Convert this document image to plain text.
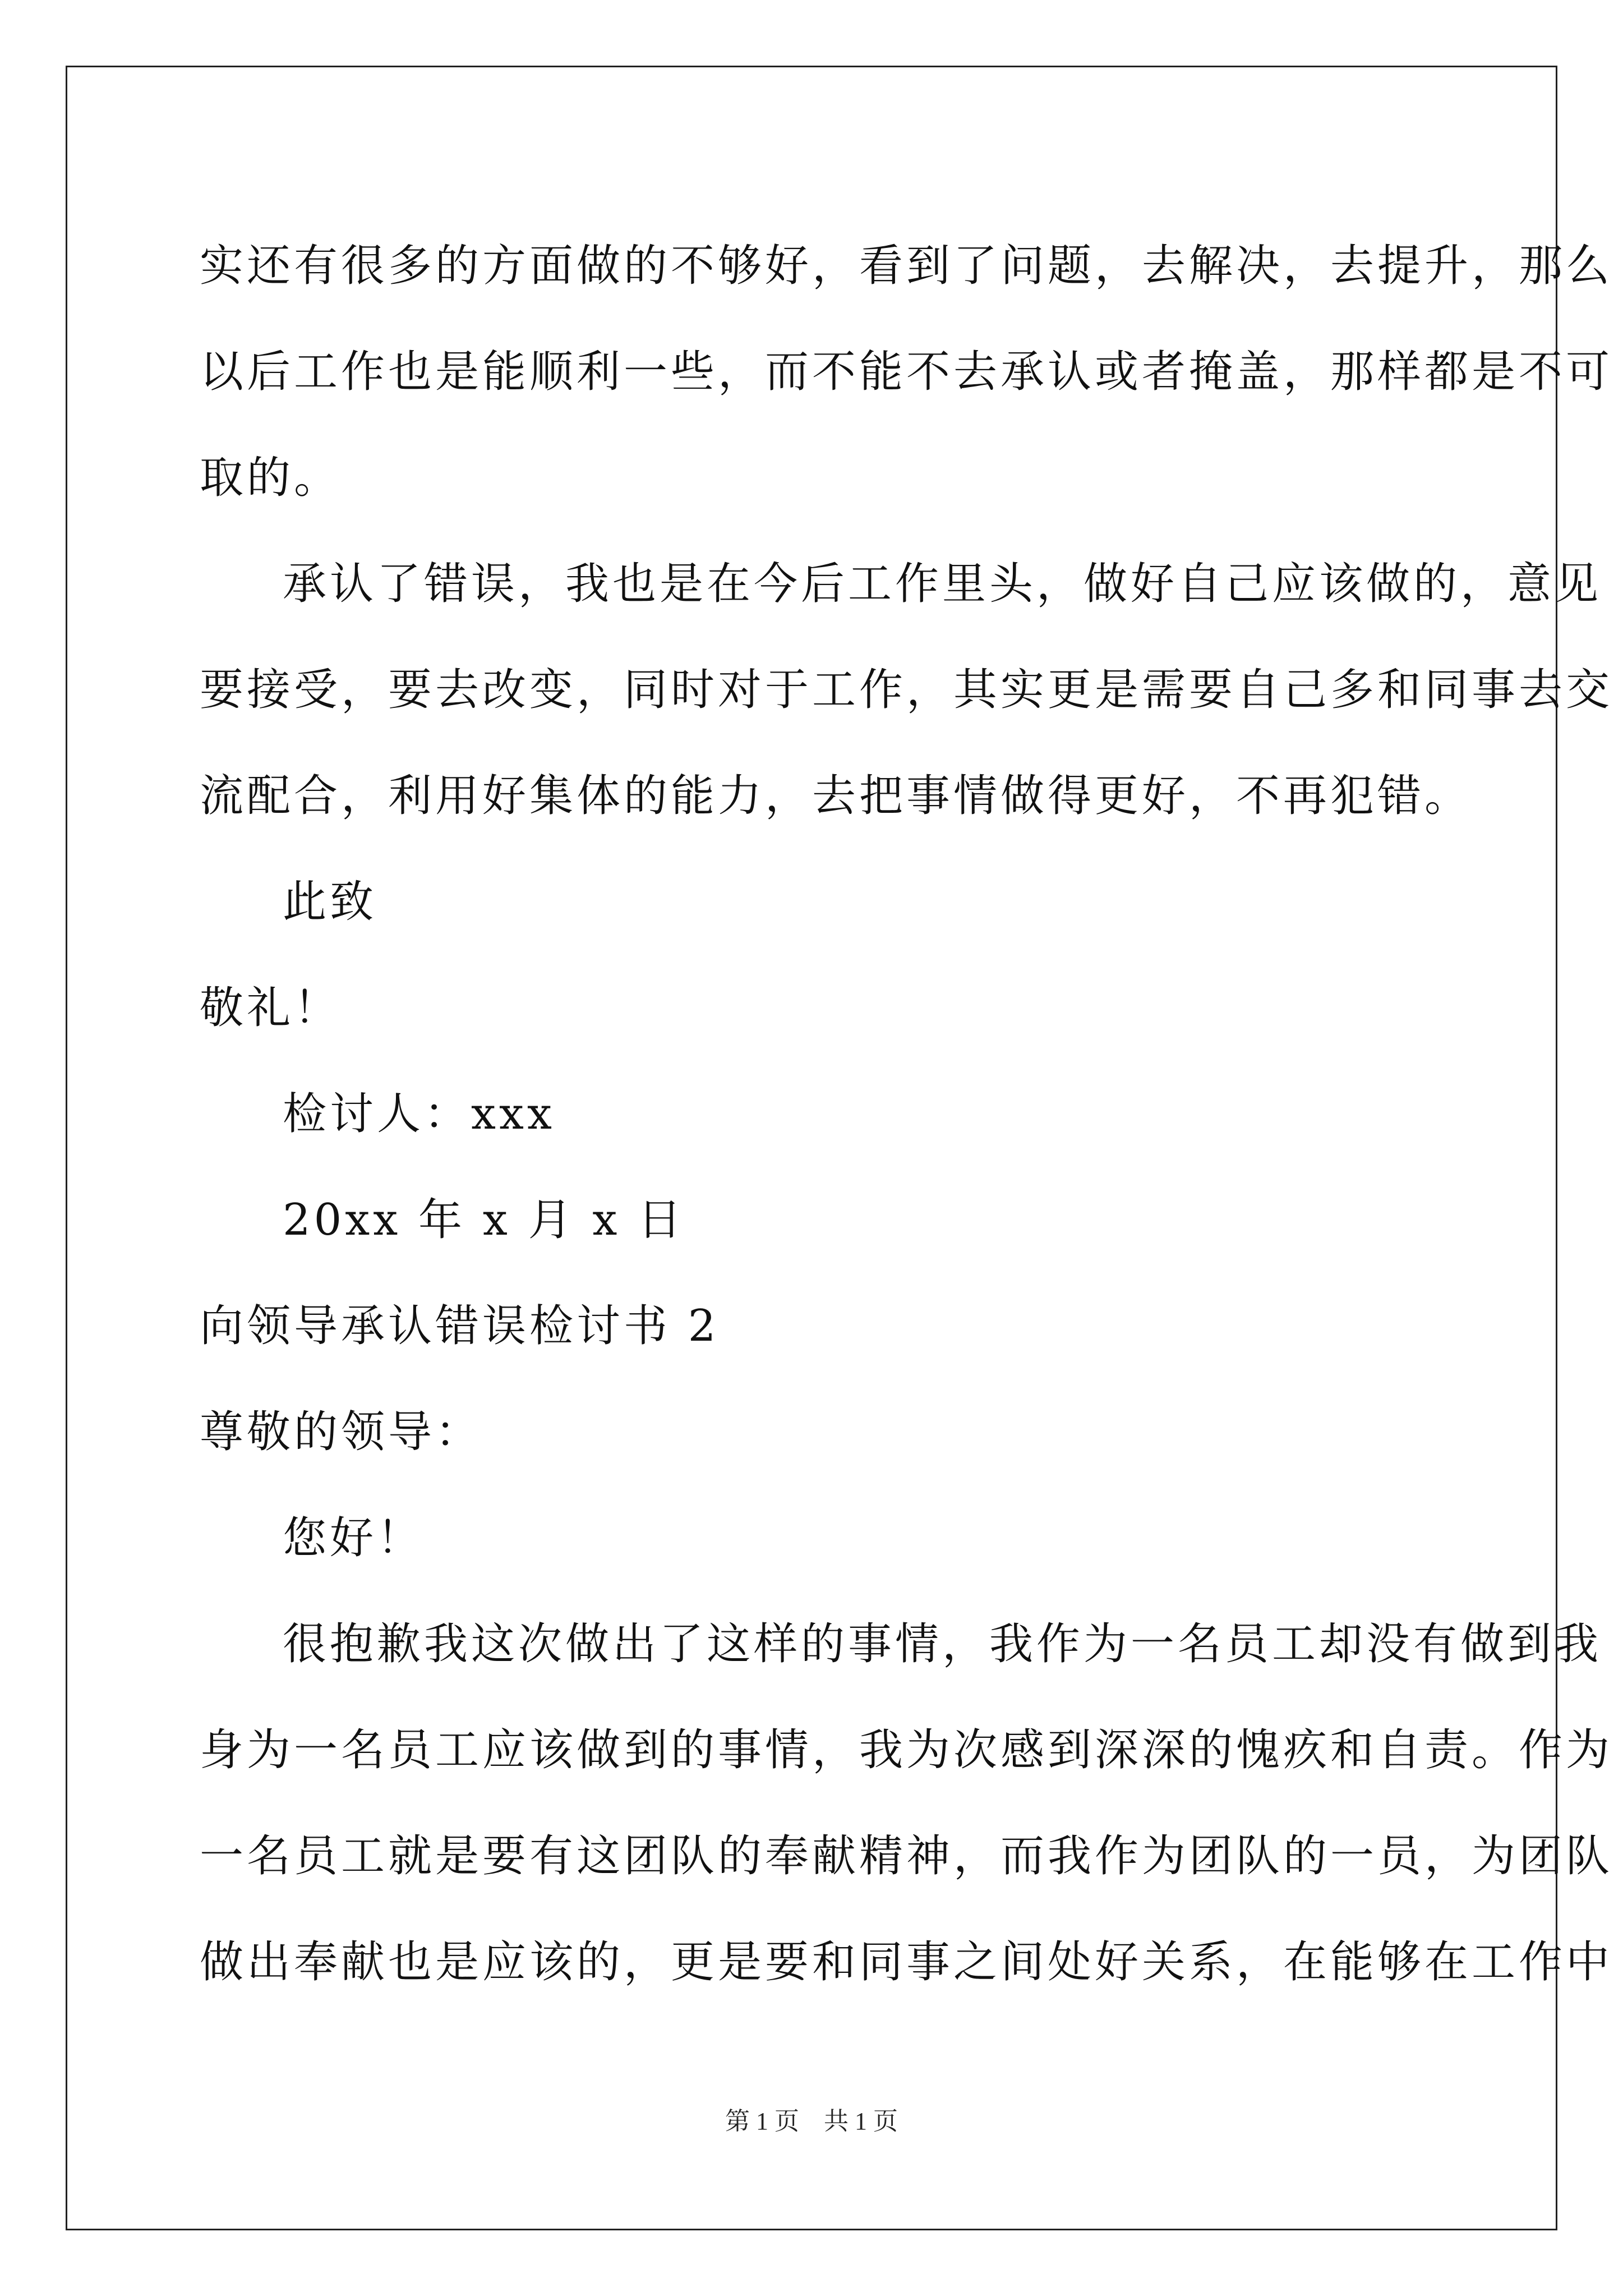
实还有很多的方面做的不够好，看到了问题，去解决，去提升，那么
以后工作也是能顺利一些，而不能不去承认或者掩盖，那样都是不可
取的。
承认了错误，我也是在今后工作里头，做好自己应该做的，意见
要接受，要去改变，同时对于工作，其实更是需要自己多和同事去交
流配合，利用好集体的能力，去把事情做得更好，不再犯错。
此致
敬礼！
检讨人：xxx
20xx 年 x 月 x 日
向领导承认错误检讨书 2
尊敬的领导：
您好！
很抱歉我这次做出了这样的事情，我作为一名员工却没有做到我
身为一名员工应该做到的事情，我为次感到深深的愧疚和自责。作为
一名员工就是要有这团队的奉献精神，而我作为团队的一员，为团队
做出奉献也是应该的，更是要和同事之间处好关系，在能够在工作中
第 1 页　共 1 页
